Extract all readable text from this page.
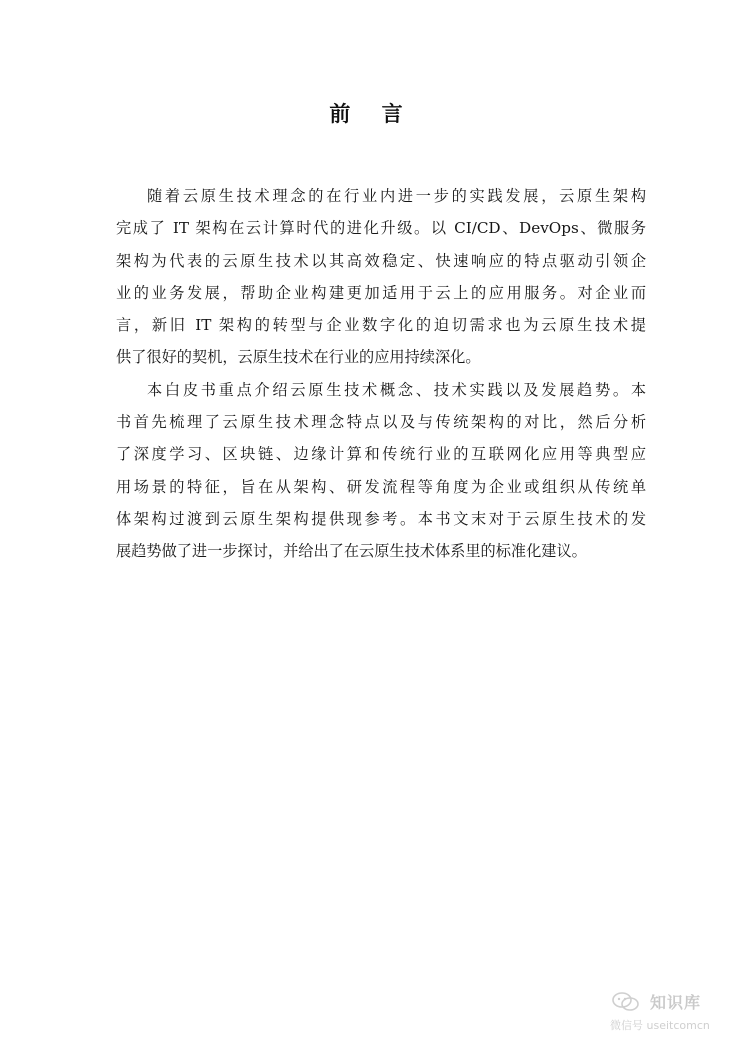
前 言
随着云原生技术理念的在行业内进一步的实践发展，云原生架构
完成了 IT 架构在云计算时代的进化升级。以 CI/CD、DevOps、微服务
架构为代表的云原生技术以其高效稳定、快速响应的特点驱动引领企
业的业务发展，帮助企业构建更加适用于云上的应用服务。对企业而
言，新旧 IT 架构的转型与企业数字化的迫切需求也为云原生技术提
供了很好的契机，云原生技术在行业的应用持续深化。
本白皮书重点介绍云原生技术概念、技术实践以及发展趋势。本
书首先梳理了云原生技术理念特点以及与传统架构的对比，然后分析
了深度学习、区块链、边缘计算和传统行业的互联网化应用等典型应
用场景的特征，旨在从架构、研发流程等角度为企业或组织从传统单
体架构过渡到云原生架构提供现参考。本书文末对于云原生技术的发
展趋势做了进一步探讨，并给出了在云原生技术体系里的标准化建议。
知识库
微信号 useitcomcn
